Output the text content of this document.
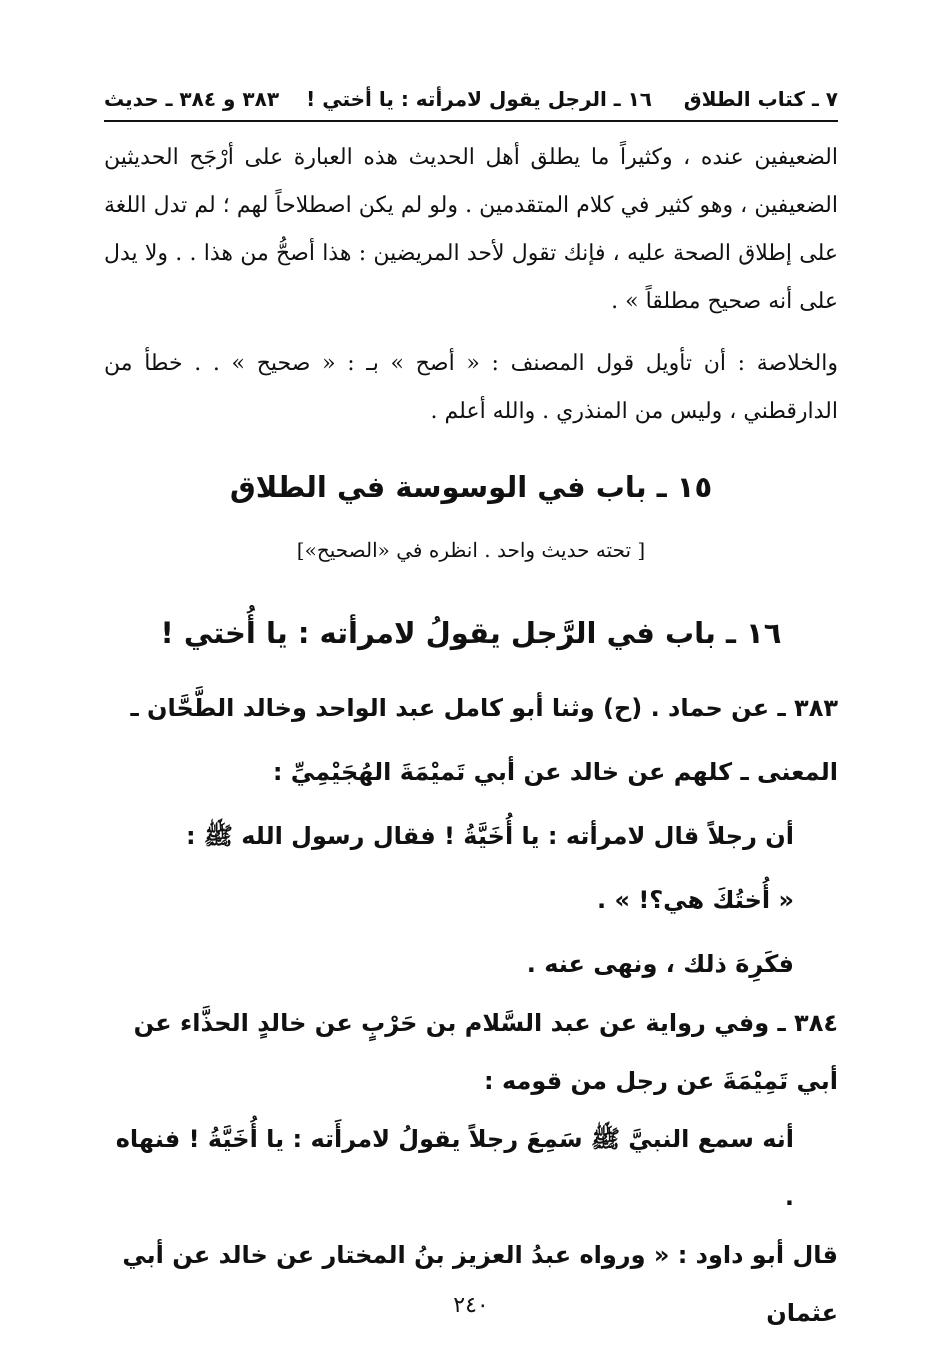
٧ ـ كتاب الطلاق
١٦ ـ الرجل يقول لامرأته : يا أختي !
٣٨٣ و ٣٨٤ ـ حديث
الضعيفين عنده ، وكثيراً ما يطلق أهل الحديث هذه العبارة على أرْجَح الحديثين الضعيفين ، وهو كثير في كلام المتقدمين . ولو لم يكن اصطلاحاً لهم ؛ لم تدل اللغة على إطلاق الصحة عليه ، فإنك تقول لأحد المريضين : هذا أصحُّ من هذا . . ولا يدل على أنه صحيح مطلقاً » .
والخلاصة : أن تأويل قول المصنف : « أصح » بـ : « صحيح » . . خطأ من الدارقطني ، وليس من المنذري . والله أعلم .
١٥ ـ باب في الوسوسة في الطلاق
[ تحته حديث واحد . انظره في «الصحيح»]
١٦ ـ باب في الرَّجل يقولُ لامرأته : يا أُختي !

٣٨٣ ـ عن حماد . (ح) وثنا أبو كامل عبد الواحد وخالد الطَّحَّان ـ المعنى ـ كلهم عن خالد عن أبي تَميْمَةَ الهُجَيْمِيِّ :

أن رجلاً قال لامرأته : يا أُخَيَّةُ ! فقال رسول الله ﷺ :

« أُختُكَ هي؟! » .

فكَرِهَ ذلك ، ونهى عنه .

٣٨٤ ـ وفي رواية عن عبد السَّلام بن حَرْبٍ عن خالدٍ الحذَّاء عن أبي تَمِيْمَةَ عن رجل من قومه :

أنه سمع النبيَّ ﷺ سَمِعَ رجلاً يقولُ لامرأَته : يا أُخَيَّةُ ! فنهاه .

قال أبو داود : « ورواه عبدُ العزيز بنُ المختار عن خالد عن أبي عثمان

٢٤٠
